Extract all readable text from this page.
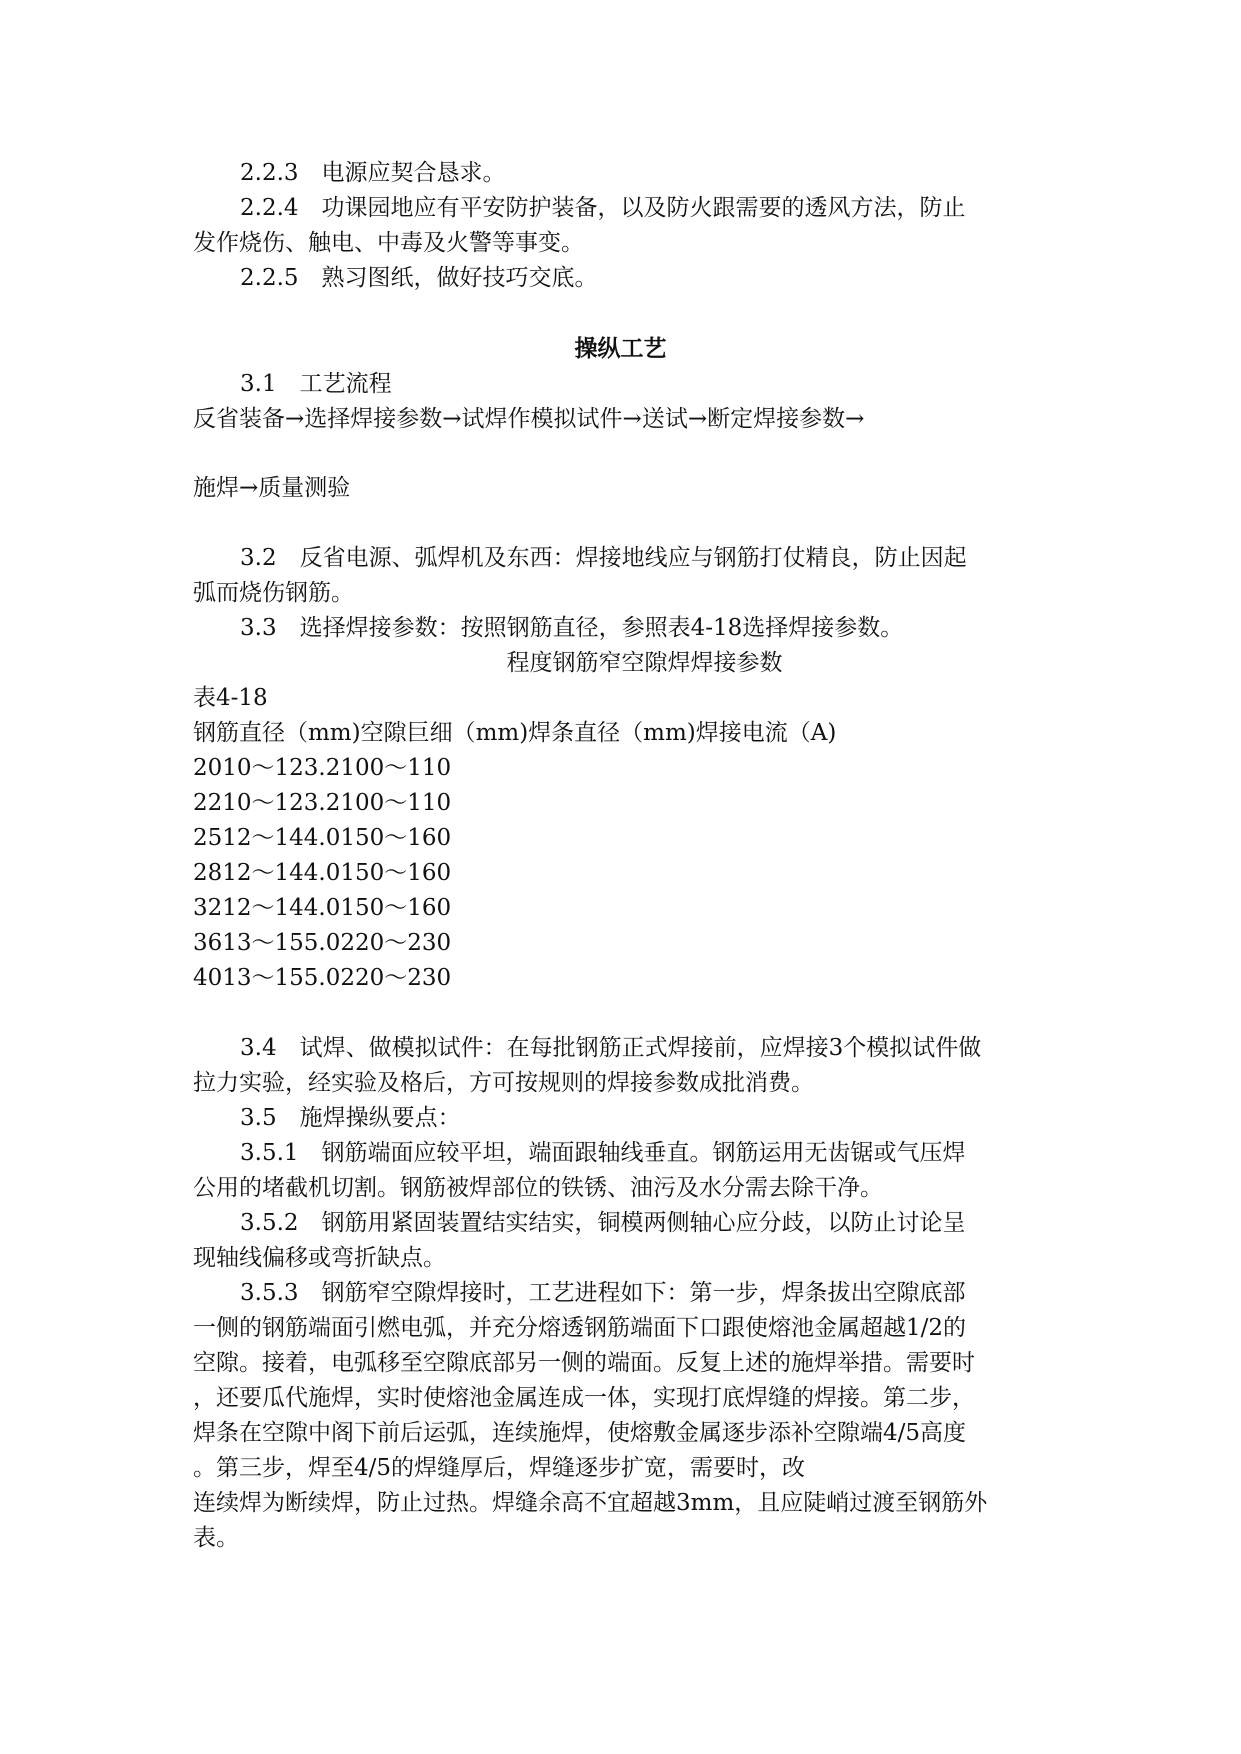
2.2.3　电源应契合恳求。
2.2.4　功课园地应有平安防护装备，以及防火跟需要的透风方法，防止
发作烧伤、触电、中毒及火警等事变。
2.2.5　熟习图纸，做好技巧交底。
操纵工艺
3.1　工艺流程
反省装备→选择焊接参数→试焊作模拟试件→送试→断定焊接参数→
施焊→质量测验
3.2　反省电源、弧焊机及东西：焊接地线应与钢筋打仗精良，防止因起
弧而烧伤钢筋。
3.3　选择焊接参数：按照钢筋直径，参照表4-18选择焊接参数。
程度钢筋窄空隙焊焊接参数
表4-18
钢筋直径（mm)空隙巨细（mm)焊条直径（mm)焊接电流（A)
2010～123.2100～110
2210～123.2100～110
2512～144.0150～160
2812～144.0150～160
3212～144.0150～160
3613～155.0220～230
4013～155.0220～230
3.4　试焊、做模拟试件：在每批钢筋正式焊接前，应焊接3个模拟试件做
拉力实验，经实验及格后，方可按规则的焊接参数成批消费。
3.5　施焊操纵要点：
3.5.1　钢筋端面应较平坦，端面跟轴线垂直。钢筋运用无齿锯或气压焊
公用的堵截机切割。钢筋被焊部位的铁锈、油污及水分需去除干净。
3.5.2　钢筋用紧固装置结实结实，铜模两侧轴心应分歧，以防止讨论呈
现轴线偏移或弯折缺点。
3.5.3　钢筋窄空隙焊接时，工艺进程如下：第一步，焊条拔出空隙底部
一侧的钢筋端面引燃电弧，并充分熔透钢筋端面下口跟使熔池金属超越1/2的
空隙。接着，电弧移至空隙底部另一侧的端面。反复上述的施焊举措。需要时
，还要瓜代施焊，实时使熔池金属连成一体，实现打底焊缝的焊接。第二步，
焊条在空隙中阁下前后运弧，连续施焊，使熔敷金属逐步添补空隙端4/5高度
。第三步，焊至4/5的焊缝厚后，焊缝逐步扩宽，需要时，改
连续焊为断续焊，防止过热。焊缝余高不宜超越3mm，且应陡峭过渡至钢筋外
表。
